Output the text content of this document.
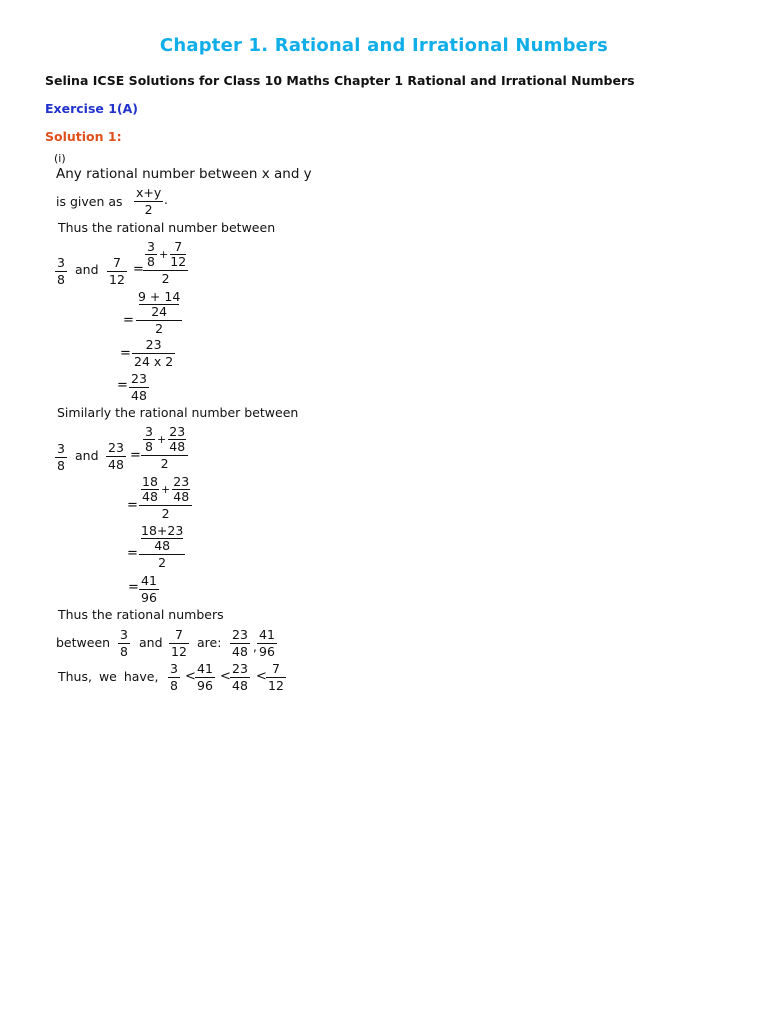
Chapter 1. Rational and Irrational Numbers
Selina ICSE Solutions for Class 10 Maths Chapter 1 Rational and Irrational Numbers
Exercise 1(A)
Solution 1:
(i)
Any rational number between x and y
is given as
x+y
2
.
Thus the rational number between
3
8
and 7
12
=
3
8 + 7
12
2
=
9 + 14
24
2
=
23
24 x 2
= 23
48
Similarly the rational number between
3
8
and
23
48
=
3
8 + 23
48
2
=
18
48 + 23
48
2
=
18+23
48
2
= 41
96
Thus the rational numbers
between
3
8
and
7
12
are:
23
48 ,
41
96
Thus, we have,
3
8
<
41
96
<
23
48
<
7
12
